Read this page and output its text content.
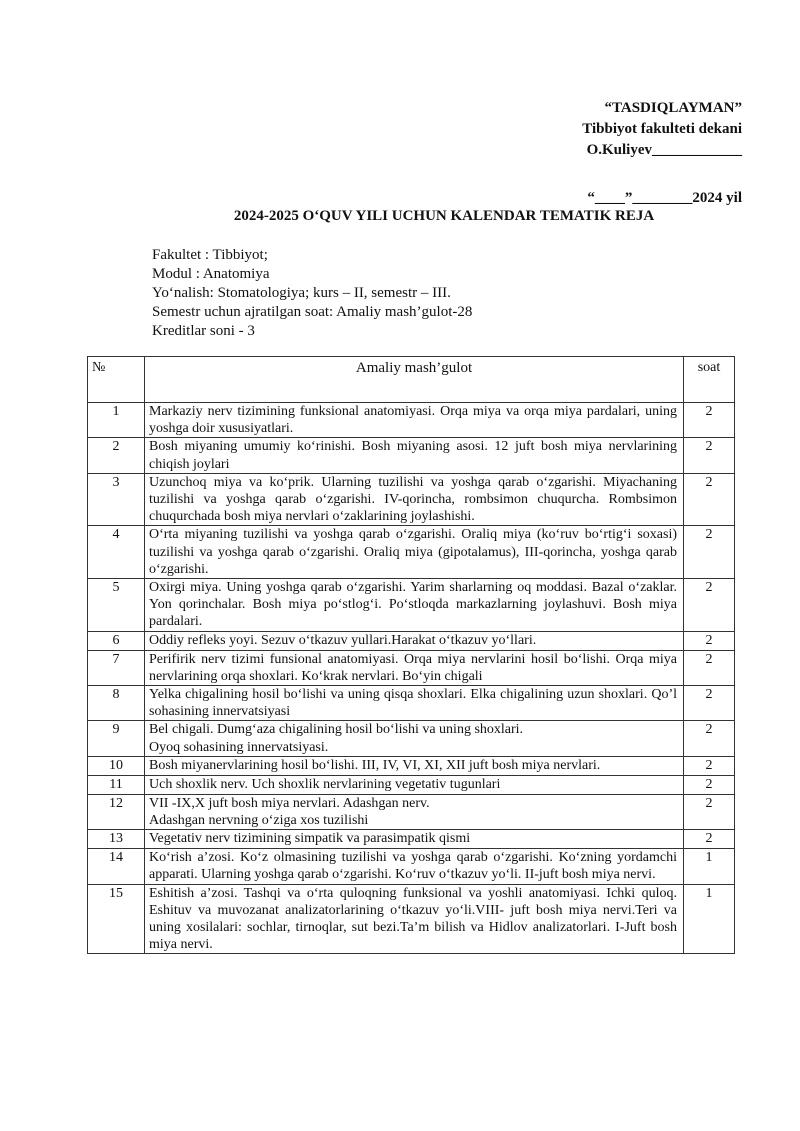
“TASDIQLAYMAN”
Tibbiyot fakulteti dekani
O.Kuliyev____________
“____”________2024 yil
2024-2025 O‘QUV YILI UCHUN KALENDAR TEMATIK REJA
Fakultet : Tibbiyot;
Modul : Anatomiya
Yo‘nalish: Stomatologiya; kurs – II, semestr – III.
Semestr uchun ajratilgan soat: Amaliy mash’gulot-28
Kreditlar soni - 3
№	Amaliy mash’gulot	soat
1	Markaziy nerv tizimining funksional anatomiyasi. Orqa miya va orqa miya pardalari, uning yoshga doir xususiyatlari.	2
2	Bosh miyaning umumiy ko‘rinishi. Bosh miyaning asosi. 12 juft bosh miya nervlarining chiqish joylari	2
3	Uzunchoq miya va ko‘prik. Ularning tuzilishi va yoshga qarab o‘zgarishi. Miyachaning tuzilishi va yoshga qarab o‘zgarishi. IV-qorincha, rombsimon chuqurcha. Rombsimon chuqurchada bosh miya nervlari o‘zaklarining joylashishi.	2
4	O‘rta miyaning tuzilishi va yoshga qarab o‘zgarishi. Oraliq miya (ko‘ruv bo‘rtig‘i soxasi) tuzilishi va yoshga qarab o‘zgarishi. Oraliq miya (gipotalamus), III-qorincha, yoshga qarab o‘zgarishi.	2
5	Oxirgi miya. Uning yoshga qarab o‘zgarishi. Yarim sharlarning oq moddasi. Bazal o‘zaklar. Yon qorinchalar. Bosh miya po‘stlog‘i. Po‘stloqda markazlarning joylashuvi. Bosh miya pardalari.	2
6	Oddiy refleks yoyi. Sezuv o‘tkazuv yullari.Harakat o‘tkazuv yo‘llari.	2
7	Perifirik nerv tizimi funsional anatomiyasi. Orqa miya nervlarini hosil bo‘lishi. Orqa miya nervlarining orqa shoxlari. Ko‘krak nervlari. Bo‘yin chigali	2
8	Yelka chigalining hosil bo‘lishi va uning qisqa shoxlari. Elka chigalining uzun shoxlari. Qo’l sohasining innervatsiyasi	2
9	Bel chigali. Dumg‘aza chigalining hosil bo‘lishi va uning shoxlari.
Oyoq sohasining innervatsiyasi.	2
10	Bosh miyanervlarining hosil bo‘lishi. III, IV, VI, XI, XII juft bosh miya nervlari.	2
11	Uch shoxlik nerv. Uch shoxlik nervlarining vegetativ tugunlari	2
12	VII -IX,X juft bosh miya nervlari. Adashgan nerv.
Adashgan nervning o‘ziga xos tuzilishi	2
13	Vegetativ nerv tizimining simpatik va parasimpatik qismi	2
14	Ko‘rish a’zosi. Ko‘z olmasining tuzilishi va yoshga qarab o‘zgarishi. Ko‘zning yordamchi apparati. Ularning yoshga qarab o‘zgarishi. Ko‘ruv o‘tkazuv yo‘li. II-juft bosh miya nervi.	1
15	Eshitish a’zosi. Tashqi va o‘rta quloqning funksional va yoshli anatomiyasi. Ichki quloq. Eshituv va muvozanat analizatorlarining o‘tkazuv yo‘li.VIII- juft bosh miya nervi.Teri va uning xosilalari: sochlar, tirnoqlar, sut bezi.Ta’m bilish va Hidlov analizatorlari. I-Juft bosh miya nervi.	1
